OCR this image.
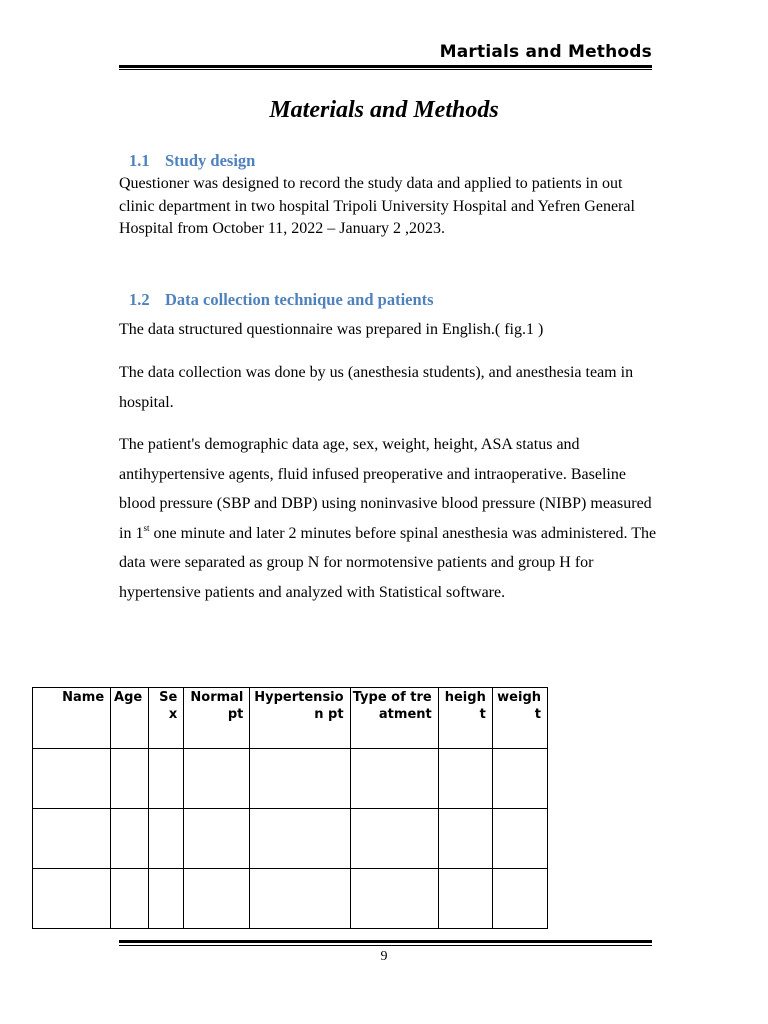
Martials and Methods
Materials and Methods
1.1 Study design

Questioner was designed to record the study data and applied to patients in out clinic department in two hospital Tripoli University Hospital and Yefren General Hospital from October 11, 2022 – January 2 ,2023.

1.2 Data collection technique and patients

The data structured questionnaire was prepared in English.( fig.1 )

The data collection was done by us (anesthesia students), and anesthesia team in hospital.

The patient's demographic data age, sex, weight, height, ASA status and antihypertensive agents, fluid infused preoperative and intraoperative. Baseline blood pressure (SBP and DBP) using noninvasive blood pressure (NIBP) measured in 1st one minute and later 2 minutes before spinal anesthesia was administered. The data were separated as group N for normotensive patients and group H for hypertensive patients and analyzed with Statistical software.

Name	Age	Sex	Normal pt	Hypertension pt	Type of treatment	height	weight

9
